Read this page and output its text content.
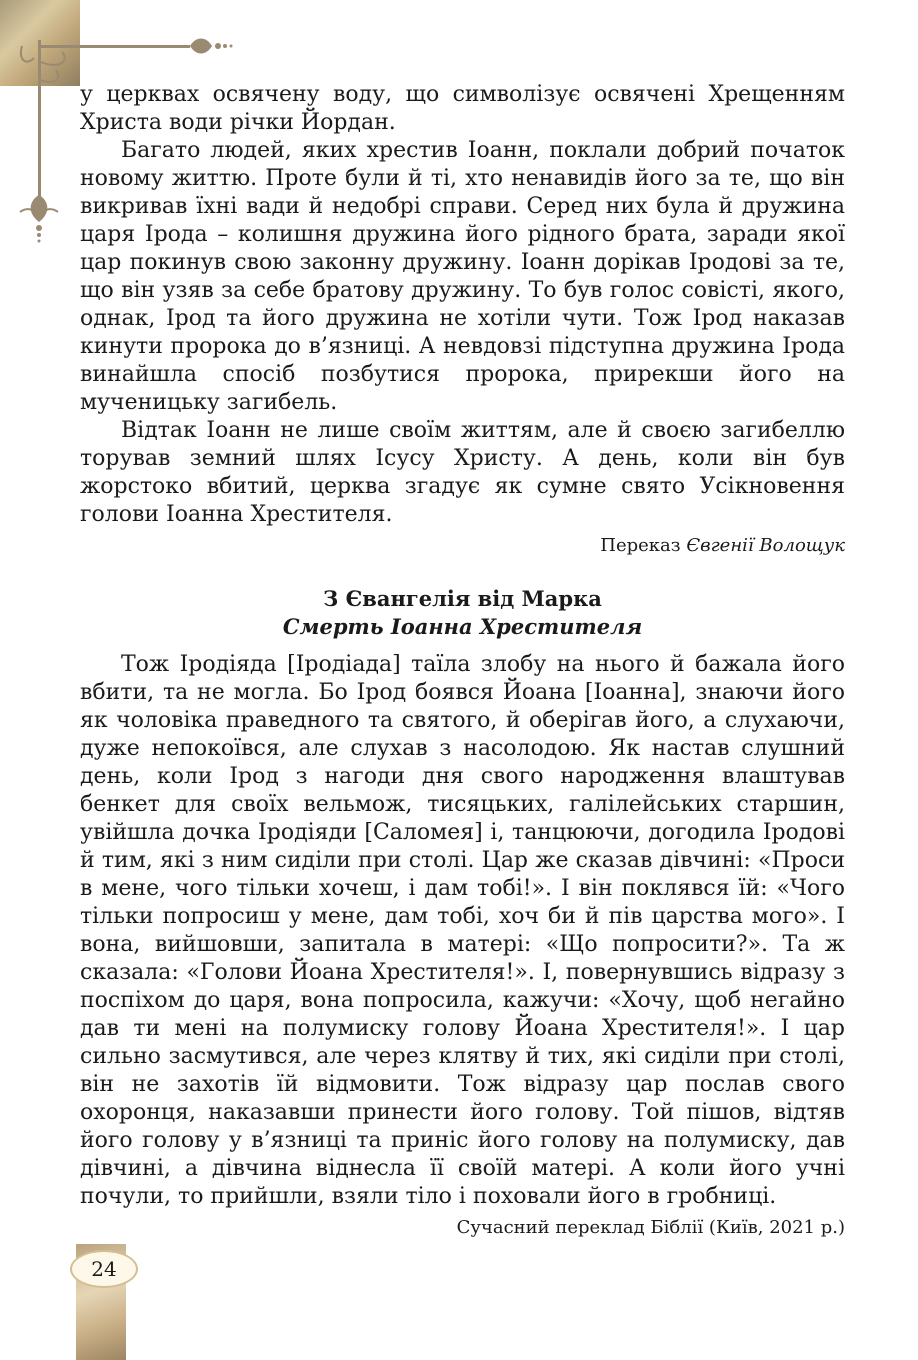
у церквах освячену воду, що символізує освячені Хрещенням Христа води річки Йордан.

Багато людей, яких хрестив Іоанн, поклали добрий початок новому життю. Проте були й ті, хто ненавидів його за те, що він викривав їхні вади й недобрі справи. Серед них була й дружина царя Ірода – колишня дружина його рідного брата, заради якої цар покинув свою законну дружину. Іоанн дорікав Іродові за те, що він узяв за себе братову дружину. То був голос совісті, якого, однак, Ірод та його дружина не хотіли чути. Тож Ірод наказав кинути пророка до в’язниці. А невдовзі підступна дружина Ірода винайшла спосіб позбутися пророка, прирекши його на мученицьку загибель.

Відтак Іоанн не лише своїм життям, але й своєю загибеллю торував земний шлях Ісусу Христу. А день, коли він був жорстоко вбитий, церква згадує як сумне свято Усікновення голови Іоанна Хрестителя.

Переказ Євгенії Волощук
З Євангелія від Марка
Смерть Іоанна Хрестителя

Тож Іродіяда [Іродіада] таїла злобу на нього й бажала його вбити, та не могла. Бо Ірод боявся Йоана [Іоанна], знаючи його як чоловіка праведного та святого, й оберігав його, а слухаючи, дуже непокоївся, але слухав з насолодою. Як настав слушний день, коли Ірод з нагоди дня свого народження влаштував бенкет для своїх вельмож, тисяцьких, галілейських старшин, увійшла дочка Іродіяди [Саломея] і, танцюючи, догодила Іродові й тим, які з ним сиділи при столі. Цар же сказав дівчині: «Проси в мене, чого тільки хочеш, і дам тобі!». І він поклявся їй: «Чого тільки попросиш у мене, дам тобі, хоч би й пів царства мого». І вона, вийшовши, запитала в матері: «Що попросити?». Та ж сказала: «Голови Йоана Хрестителя!». І, повернувшись відразу з поспіхом до царя, вона попросила, кажучи: «Хочу, щоб негайно дав ти мені на полумиску голову Йоана Хрестителя!». І цар сильно засмутився, але через клятву й тих, які сиділи при столі, він не захотів їй відмовити. Тож відразу цар послав свого охоронця, наказавши принести його голову. Той пішов, відтяв його голову у в’язниці та приніс його голову на полумиску, дав дівчині, а дівчина віднесла її своїй матері. А коли його учні почули, то прийшли, взяли тіло і поховали його в гробниці.

Сучасний переклад Біблії (Київ, 2021 р.)
24
